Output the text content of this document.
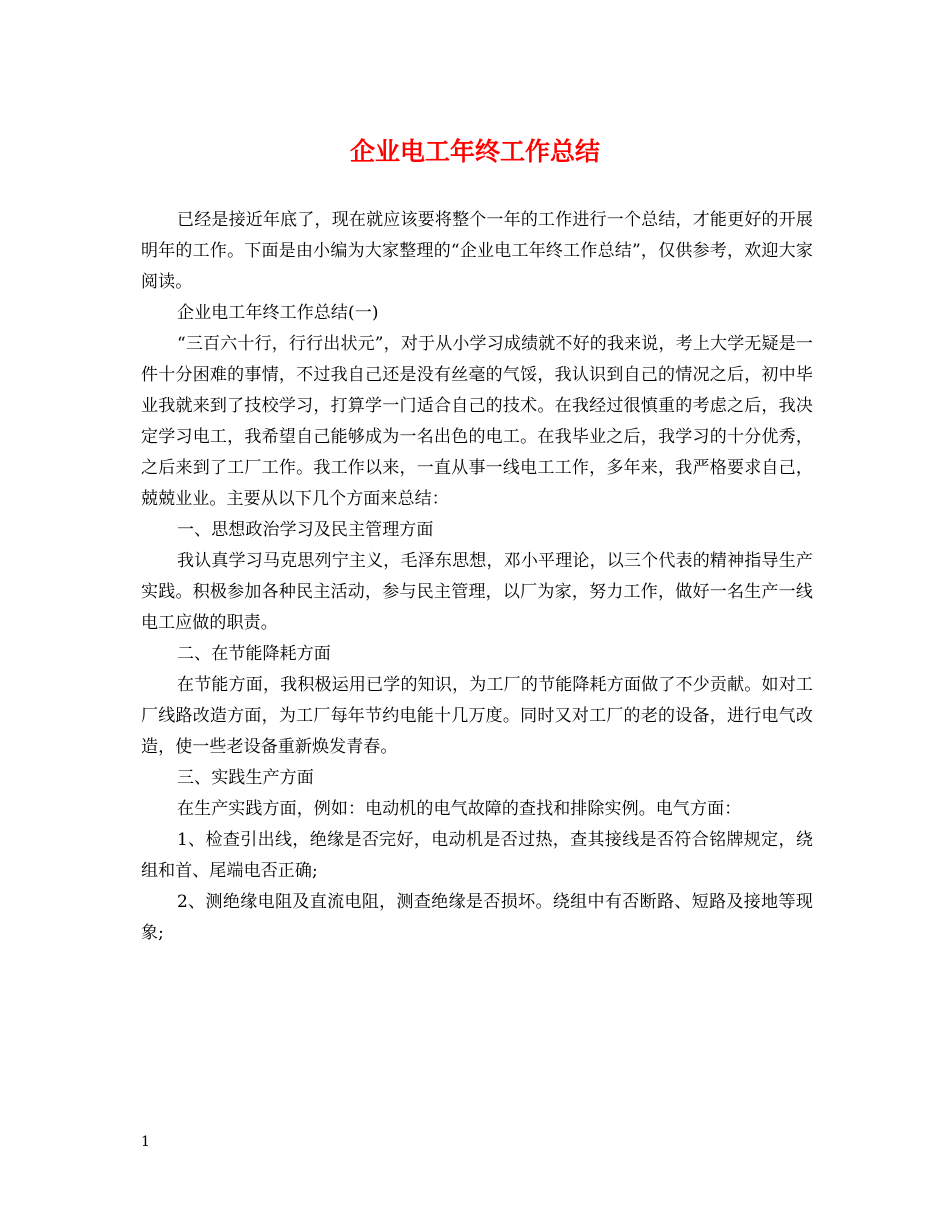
企业电工年终工作总结

已经是接近年底了，现在就应该要将整个一年的工作进行一个总结，才能更好的开展明年的工作。下面是由小编为大家整理的“企业电工年终工作总结”，仅供参考，欢迎大家阅读。

企业电工年终工作总结(一)

“三百六十行，行行出状元”，对于从小学习成绩就不好的我来说，考上大学无疑是一件十分困难的事情，不过我自己还是没有丝毫的气馁，我认识到自己的情况之后，初中毕业我就来到了技校学习，打算学一门适合自己的技术。在我经过很慎重的考虑之后，我决定学习电工，我希望自己能够成为一名出色的电工。在我毕业之后，我学习的十分优秀，之后来到了工厂工作。我工作以来，一直从事一线电工工作，多年来，我严格要求自己，兢兢业业。主要从以下几个方面来总结：

一、思想政治学习及民主管理方面

我认真学习马克思列宁主义，毛泽东思想，邓小平理论，以三个代表的精神指导生产实践。积极参加各种民主活动，参与民主管理，以厂为家，努力工作，做好一名生产一线电工应做的职责。

二、在节能降耗方面

在节能方面，我积极运用已学的知识，为工厂的节能降耗方面做了不少贡献。如对工厂线路改造方面，为工厂每年节约电能十几万度。同时又对工厂的老的设备，进行电气改造，使一些老设备重新焕发青春。

三、实践生产方面

在生产实践方面，例如：电动机的电气故障的查找和排除实例。电气方面：

1、检查引出线，绝缘是否完好，电动机是否过热，查其接线是否符合铭牌规定，绕组和首、尾端电否正确;

2、测绝缘电阻及直流电阻，测查绝缘是否损坏。绕组中有否断路、短路及接地等现象;

1
